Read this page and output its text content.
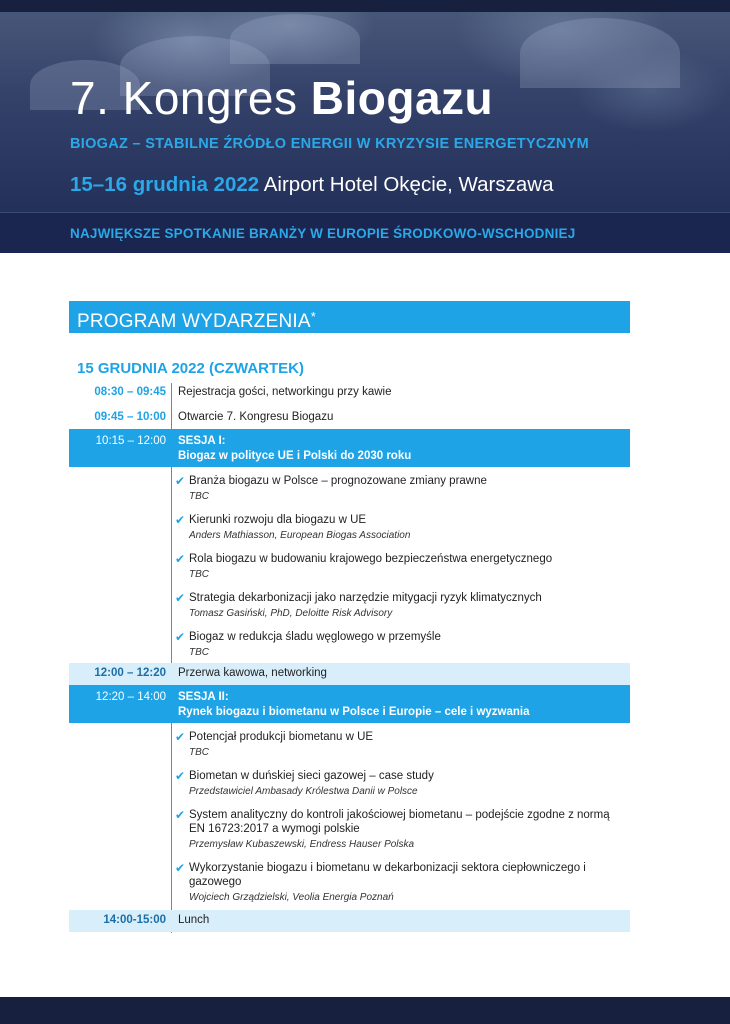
7. Kongres Biogazu
BIOGAZ – STABILNE ŹRÓDŁO ENERGII W KRYZYSIE ENERGETYCZNYM
15–16 grudnia 2022 Airport Hotel Okęcie, Warszawa
NAJWIĘKSZE SPOTKANIE BRANŻY W EUROPIE ŚRODKOWO-WSCHODNIEJ
PROGRAM WYDARZENIA*
15 GRUDNIA 2022 (CZWARTEK)
08:30 – 09:45 Rejestracja gości, networkingu przy kawie
09:45 – 10:00 Otwarcie 7. Kongresu Biogazu
10:15 – 12:00 SESJA I:
Biogaz w polityce UE i Polski do 2030 roku
✔ Branża biogazu w Polsce – prognozowane zmiany prawne
TBC
✔ Kierunki rozwoju dla biogazu w UE
Anders Mathiasson, European Biogas Association
✔ Rola biogazu w budowaniu krajowego bezpieczeństwa energetycznego
TBC
✔ Strategia dekarbonizacji jako narzędzie mitygacji ryzyk klimatycznych
Tomasz Gasiński, PhD, Deloitte Risk Advisory
✔ Biogaz w redukcja śladu węglowego w przemyśle
TBC
12:00 – 12:20 Przerwa kawowa, networking
12:20 – 14:00 SESJA II:
Rynek biogazu i biometanu w Polsce i Europie – cele i wyzwania
✔ Potencjał produkcji biometanu w UE
TBC
✔ Biometan w duńskiej sieci gazowej – case study
Przedstawiciel Ambasady Królestwa Danii w Polsce
✔ System analityczny do kontroli jakościowej biometanu – podejście zgodne z normą
EN 16723:2017 a wymogi polskie
Przemysław Kubaszewski, Endress Hauser Polska
✔ Wykorzystanie biogazu i biometanu w dekarbonizacji sektora ciepłowniczego i
gazowego
Wojciech Grządzielski, Veolia Energia Poznań
14:00-15:00 Lunch
